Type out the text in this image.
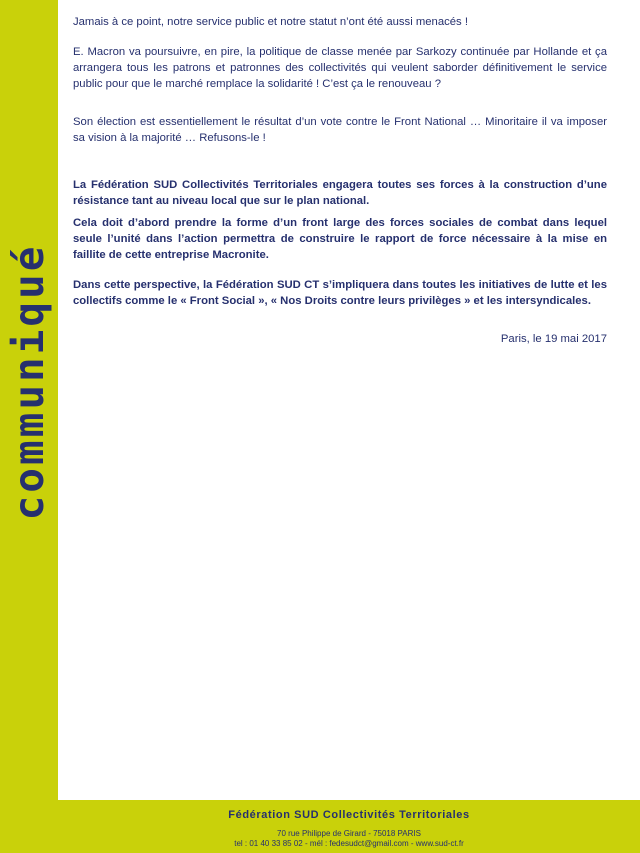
communiqué

Jamais à ce point, notre service public et notre statut n’ont été aussi menacés !

E. Macron va poursuivre, en pire, la politique de classe menée par Sarkozy continuée par Hollande et ça arrangera tous les patrons et patronnes des collectivités qui veulent saborder définitivement le service public pour que le marché remplace la solidarité ! C’est ça le renouveau ?

Son élection est essentiellement le résultat d’un vote contre le Front National … Minoritaire il va imposer sa vision à la majorité … Refusons-le !

La Fédération SUD Collectivités Territoriales engagera toutes ses forces à la construction d’une résistance tant au niveau local que sur le plan national.

Cela doit d’abord prendre la forme d’un front large des forces sociales de combat dans lequel seule l’unité dans l’action permettra de construire le rapport de force nécessaire à la mise en faillite de cette entreprise Macronite.

Dans cette perspective, la Fédération SUD CT s’impliquera dans toutes les initiatives de lutte et les collectifs comme le « Front Social », « Nos Droits contre leurs privilèges » et les intersyndicales.

Paris, le 19 mai 2017

Fédération SUD Collectivités Territoriales
70 rue Philippe de Girard - 75018 PARIS
tel : 01 40 33 85 02 - mél : fedesudct@gmail.com - www.sud-ct.fr
